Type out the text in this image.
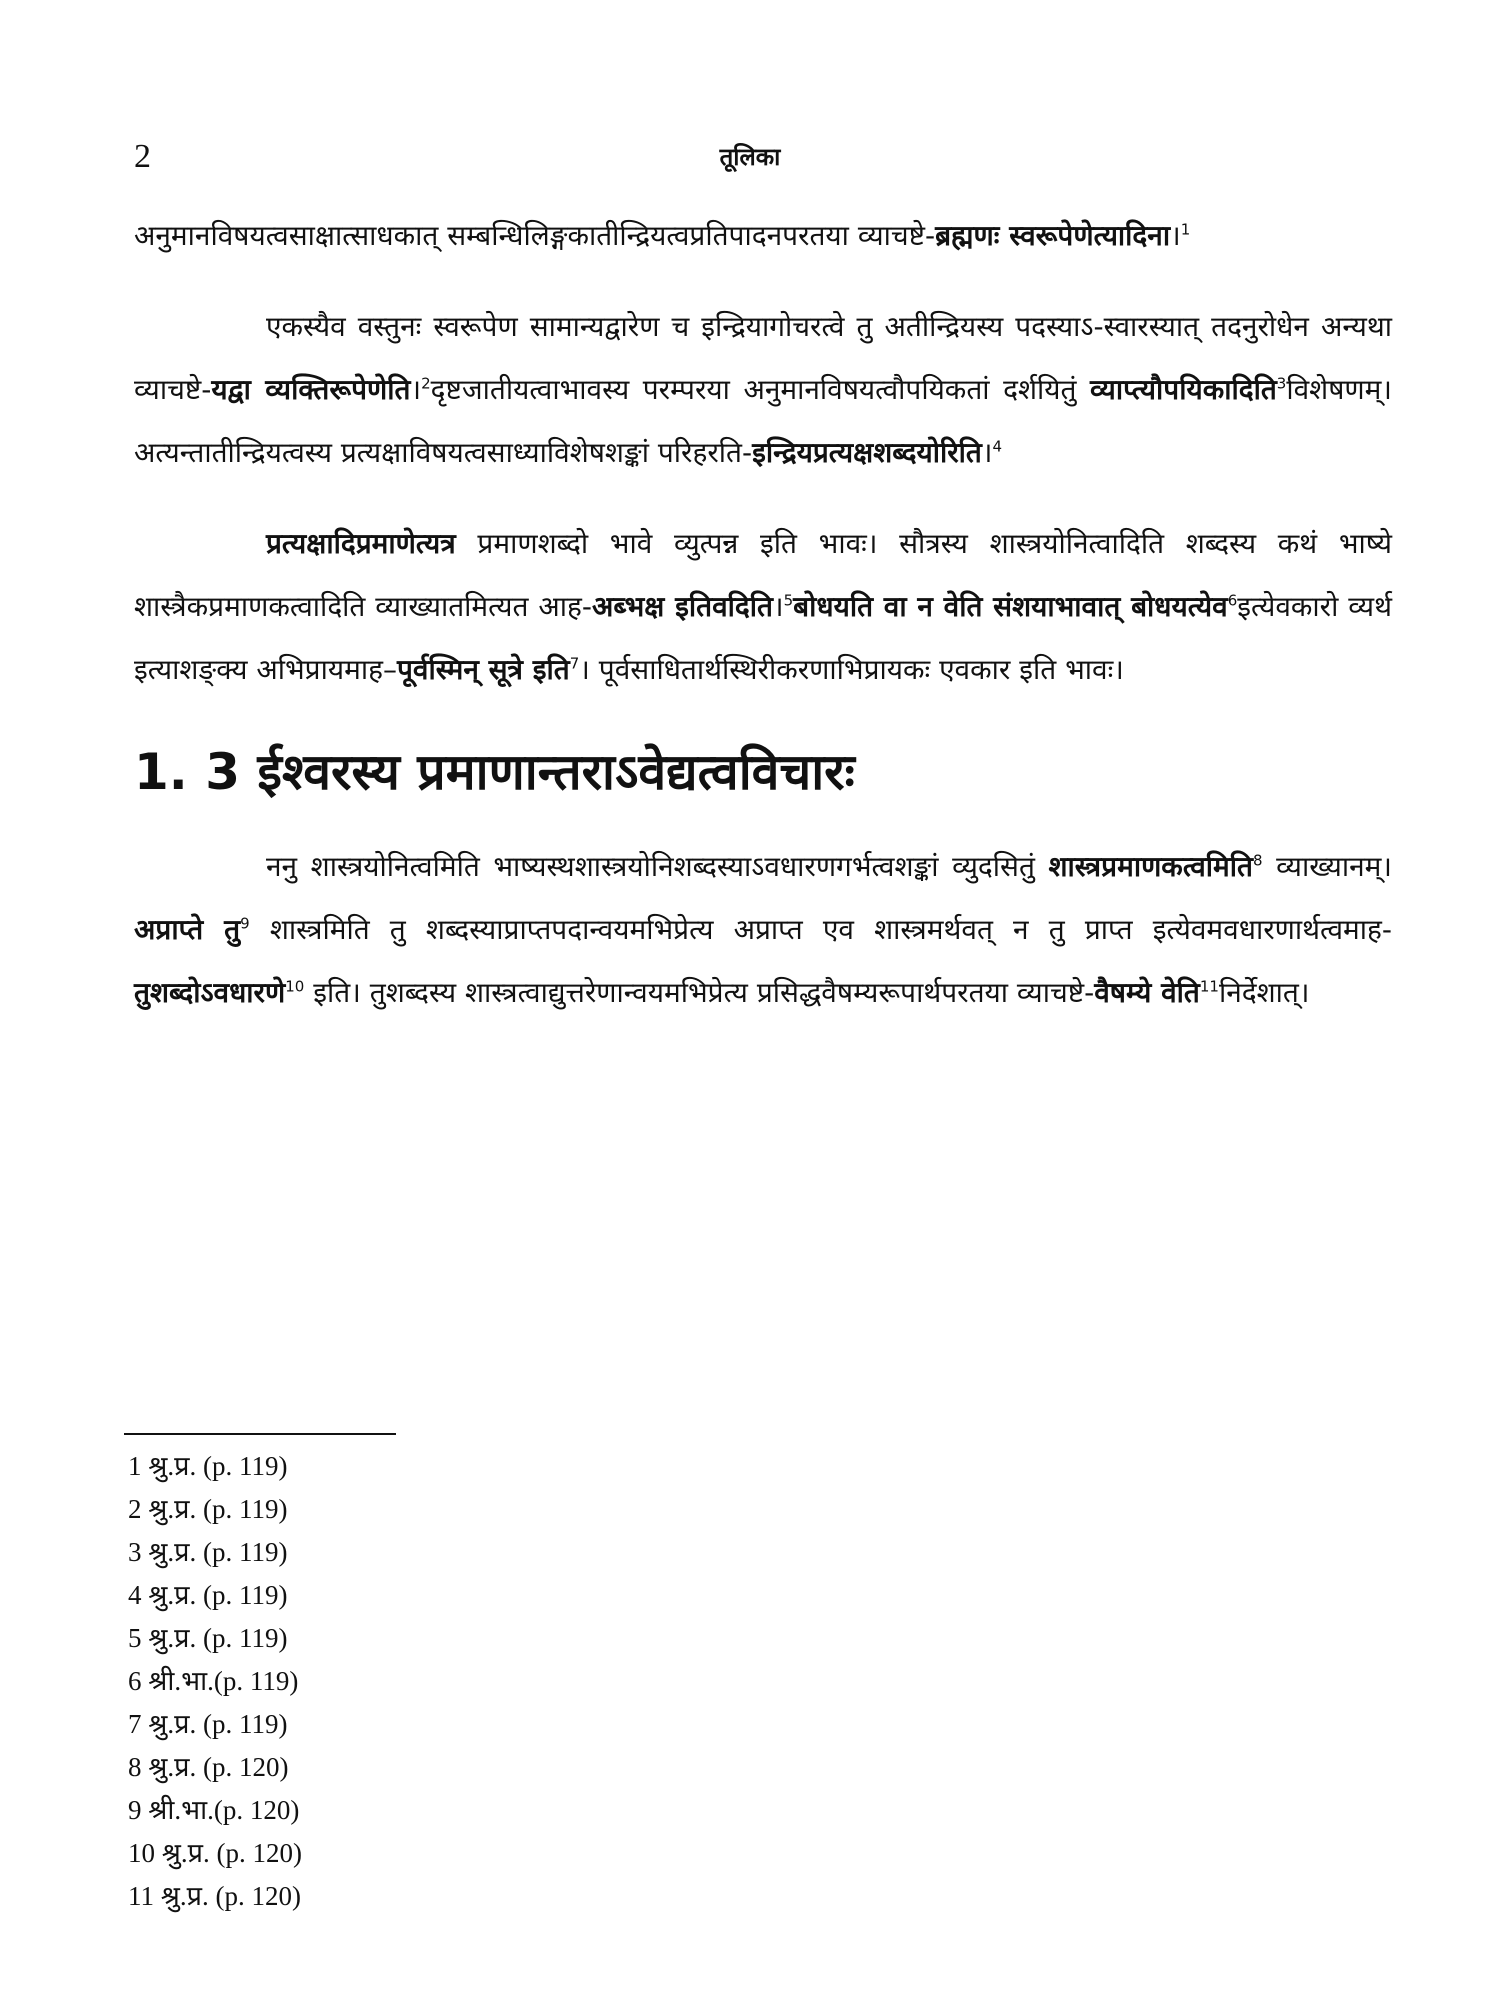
2	तूलिका

अनुमानविषयत्वसाक्षात्साधकात् सम्बन्धिलिङ्गकातीन्द्रियत्वप्रतिपादनपरतया व्याचष्टे-ब्रह्मणः स्वरूपेणेत्यादिना।$^1$

एकस्यैव वस्तुनः स्वरूपेण सामान्यद्वारेण च इन्द्रियागोचरत्वे तु अतीन्द्रियस्य पदस्याऽ-स्वारस्यात् तदनुरोधेन अन्यथा व्याचष्टे-यद्वा व्यक्तिरूपेणेति।$^2$दृष्टजातीयत्वाभावस्य परम्परया अनुमानविषयत्वौपयिकतां दर्शयितुं व्याप्त्यौपयिकादिति$^3$विशेषणम्। अत्यन्तातीन्द्रियत्वस्य प्रत्यक्षाविषयत्वसाध्याविशेषशङ्कां परिहरति-इन्द्रियप्रत्यक्षशब्दयोरिति।$^4$

प्रत्यक्षादिप्रमाणेत्यत्र प्रमाणशब्दो भावे व्युत्पन्न इति भावः। सौत्रस्य शास्त्रयोनित्वादिति शब्दस्य कथं भाष्ये शास्त्रैकप्रमाणकत्वादिति व्याख्यातमित्यत आह-अब्भक्ष इतिवदिति।$^5$बोधयति वा न वेति संशयाभावात् बोधयत्येव$^6$इत्येवकारो व्यर्थ इत्याशङ्क्य अभिप्रायमाह–पूर्वस्मिन् सूत्रे इति$^7$। पूर्वसाधितार्थस्थिरीकरणाभिप्रायकः एवकार इति भावः।

1. 3 ईश्वरस्य प्रमाणान्तराऽवेद्यत्वविचारः

ननु शास्त्रयोनित्वमिति भाष्यस्थशास्त्रयोनिशब्दस्याऽवधारणगर्भत्वशङ्कां व्युदसितुं शास्त्रप्रमाणकत्वमिति$^8$ व्याख्यानम्। अप्राप्ते तु$^9$ शास्त्रमिति तु शब्दस्याप्राप्तपदान्वयमभिप्रेत्य अप्राप्त एव शास्त्रमर्थवत् न तु प्राप्त इत्येवमवधारणार्थत्वमाह-तुशब्दोऽवधारणे$^{10}$ इति। तुशब्दस्य शास्त्रत्वाद्युत्तरेणान्वयमभिप्रेत्य प्रसिद्धवैषम्यरूपार्थपरतया व्याचष्टे-वैषम्ये वेति$^{11}$निर्देशात्।

1 श्रु.प्र. (p. 119)
2 श्रु.प्र. (p. 119)
3 श्रु.प्र. (p. 119)
4 श्रु.प्र. (p. 119)
5 श्रु.प्र. (p. 119)
6 श्री.भा.(p. 119)
7 श्रु.प्र. (p. 119)
8 श्रु.प्र. (p. 120)
9 श्री.भा.(p. 120)
10 श्रु.प्र. (p. 120)
11 श्रु.प्र. (p. 120)
